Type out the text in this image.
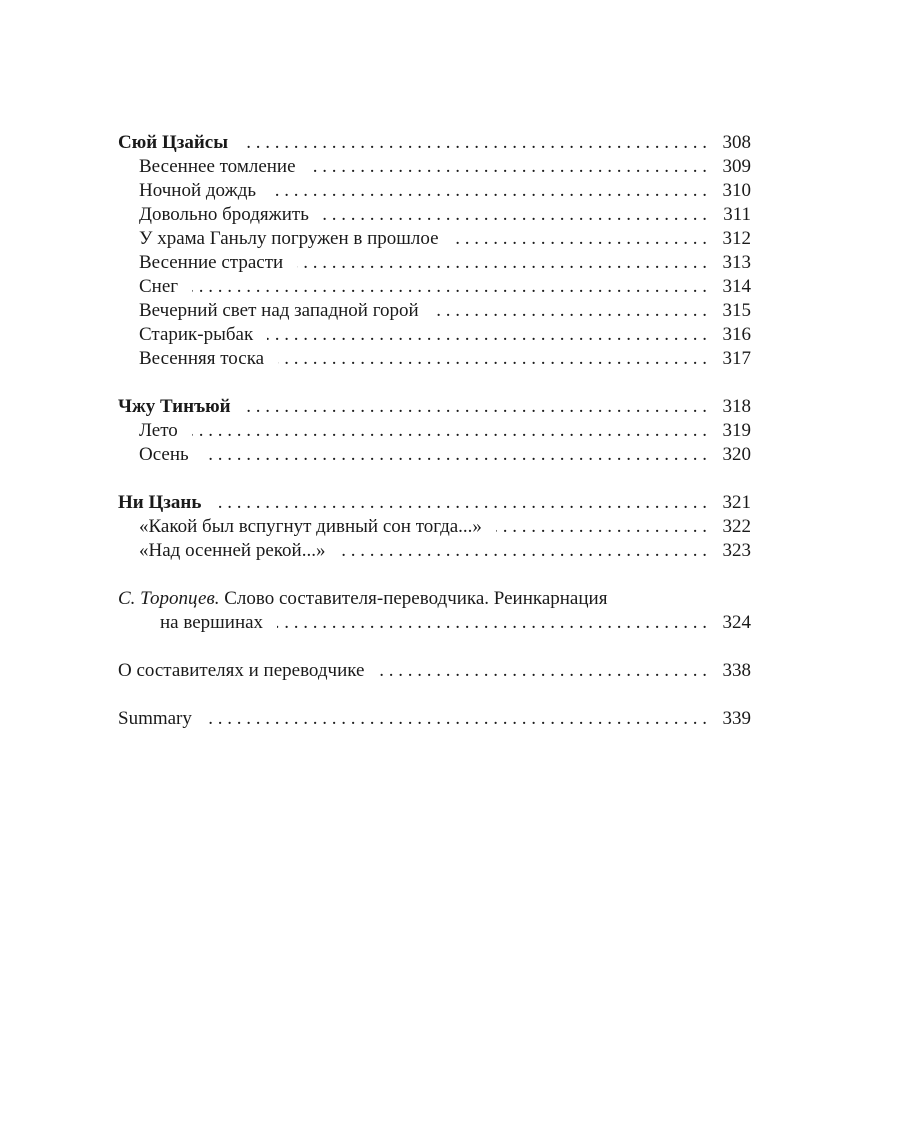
Сюй Цзайсы . . .	308
Весеннее томление . . .	309
Ночной дождь . . .	310
Довольно бродяжить . . .	311
У храма Ганьлу погружен в прошлое . . .	312
Весенние страсти . . .	313
Снег . . .	314
Вечерний свет над западной горой . . .	315
Старик-рыбак . . .	316
Весенняя тоска . . .	317
Чжу Тинъюй . . .	318
Лето . . .	319
Осень . . .	320
Ни Цзань . . .	321
«Какой был вспугнут дивный сон тогда...» . . .	322
«Над осенней рекой...» . . .	323
С. Торопцев. Слово составителя-переводчика. Реинкарнация
на вершинах . . .	324
О составителях и переводчике . . .	338
Summary . . .	339
